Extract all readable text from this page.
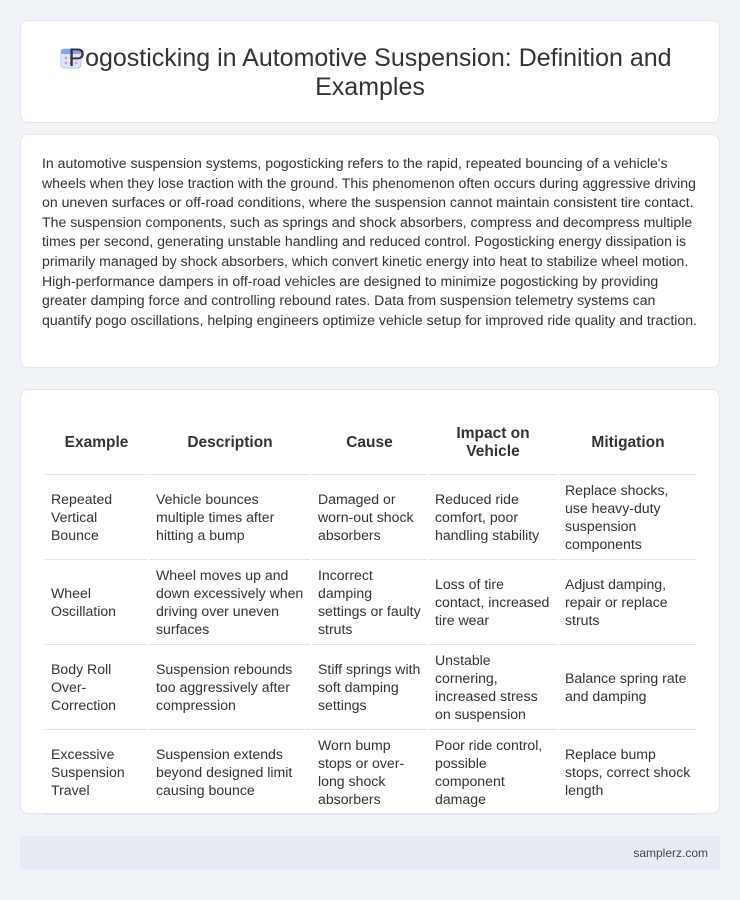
Pogosticking in Automotive Suspension: Definition and Examples

In automotive suspension systems, pogosticking refers to the rapid, repeated bouncing of a vehicle's wheels when they lose traction with the ground. This phenomenon often occurs during aggressive driving on uneven surfaces or off-road conditions, where the suspension cannot maintain consistent tire contact. The suspension components, such as springs and shock absorbers, compress and decompress multiple times per second, generating unstable handling and reduced control. Pogosticking energy dissipation is primarily managed by shock absorbers, which convert kinetic energy into heat to stabilize wheel motion. High-performance dampers in off-road vehicles are designed to minimize pogosticking by providing greater damping force and controlling rebound rates. Data from suspension telemetry systems can quantify pogo oscillations, helping engineers optimize vehicle setup for improved ride quality and traction.

Example	Description	Cause	Impact on Vehicle	Mitigation
Repeated Vertical Bounce	Vehicle bounces multiple times after hitting a bump	Damaged or worn-out shock absorbers	Reduced ride comfort, poor handling stability	Replace shocks, use heavy-duty suspension components
Wheel Oscillation	Wheel moves up and down excessively when driving over uneven surfaces	Incorrect damping settings or faulty struts	Loss of tire contact, increased tire wear	Adjust damping, repair or replace struts
Body Roll Over-Correction	Suspension rebounds too aggressively after compression	Stiff springs with soft damping settings	Unstable cornering, increased stress on suspension	Balance spring rate and damping
Excessive Suspension Travel	Suspension extends beyond designed limit causing bounce	Worn bump stops or over-long shock absorbers	Poor ride control, possible component damage	Replace bump stops, correct shock length
samplerz.com
